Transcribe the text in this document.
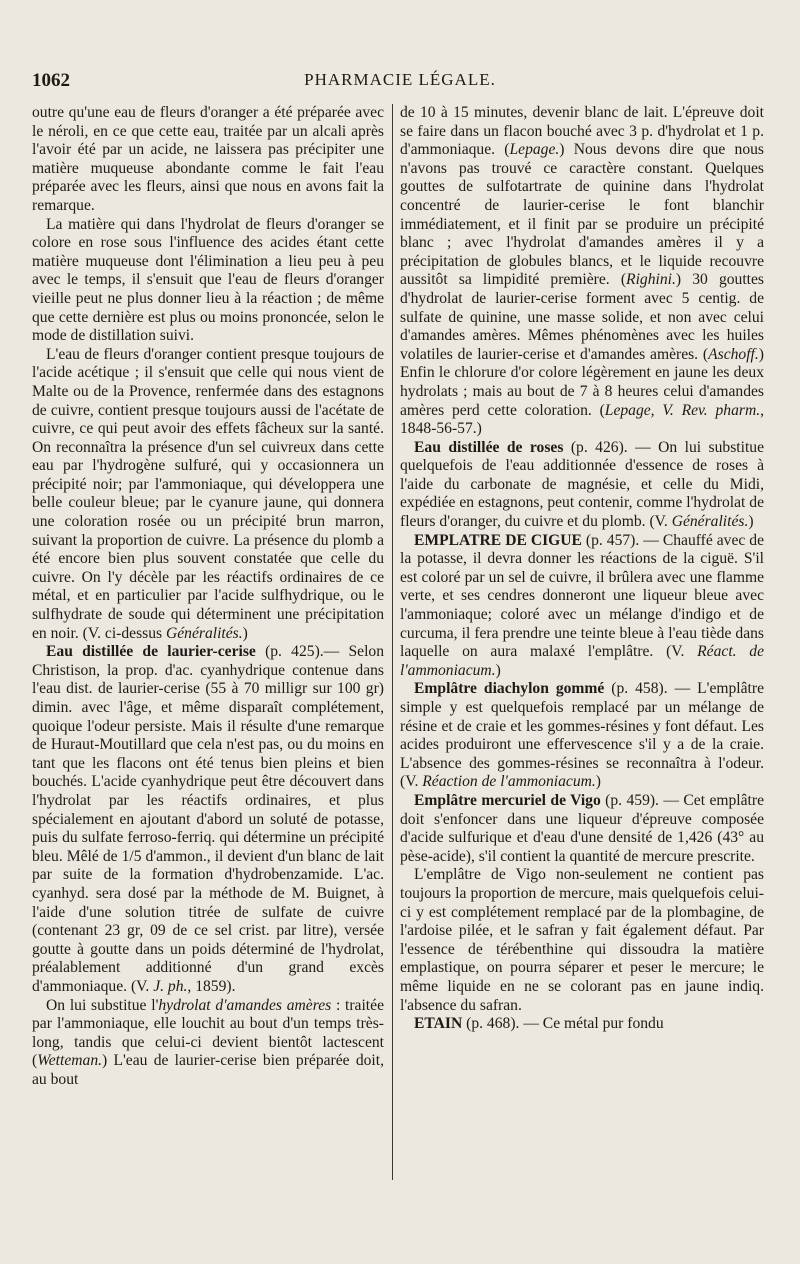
1062	PHARMACIE LÉGALE.

outre qu'une eau de fleurs d'oranger a été préparée avec le néroli, en ce que cette eau, traitée par un alcali après l'avoir été par un acide, ne laissera pas précipiter une matière muqueuse abondante comme le fait l'eau préparée avec les fleurs, ainsi que nous en avons fait la remarque.

La matière qui dans l'hydrolat de fleurs d'oranger se colore en rose sous l'influence des acides étant cette matière muqueuse dont l'élimination a lieu peu à peu avec le temps, il s'ensuit que l'eau de fleurs d'oranger vieille peut ne plus donner lieu à la réaction ; de même que cette dernière est plus ou moins prononcée, selon le mode de distillation suivi.

L'eau de fleurs d'oranger contient presque toujours de l'acide acétique ; il s'ensuit que celle qui nous vient de Malte ou de la Provence, renfermée dans des estagnons de cuivre, contient presque toujours aussi de l'acétate de cuivre, ce qui peut avoir des effets fâcheux sur la santé. On reconnaîtra la présence d'un sel cuivreux dans cette eau par l'hydrogène sulfuré, qui y occasionnera un précipité noir; par l'ammoniaque, qui développera une belle couleur bleue; par le cyanure jaune, qui donnera une coloration rosée ou un précipité brun marron, suivant la proportion de cuivre. La présence du plomb a été encore bien plus souvent constatée que celle du cuivre. On l'y décèle par les réactifs ordinaires de ce métal, et en particulier par l'acide sulfhydrique, ou le sulfhydrate de soude qui déterminent une précipitation en noir. (V. ci-dessus Généralités.)

Eau distillée de laurier-cerise (p. 425).— Selon Christison, la prop. d'ac. cyanhydrique contenue dans l'eau dist. de laurier-cerise (55 à 70 milligr sur 100 gr) dimin. avec l'âge, et même disparaît complétement, quoique l'odeur persiste. Mais il résulte d'une remarque de Huraut-Moutillard que cela n'est pas, ou du moins en tant que les flacons ont été tenus bien pleins et bien bouchés. L'acide cyanhydrique peut être découvert dans l'hydrolat par les réactifs ordinaires, et plus spécialement en ajoutant d'abord un soluté de potasse, puis du sulfate ferroso-ferriq. qui détermine un précipité bleu. Mêlé de 1/5 d'ammon., il devient d'un blanc de lait par suite de la formation d'hydrobenzamide. L'ac. cyanhyd. sera dosé par la méthode de M. Buignet, à l'aide d'une solution titrée de sulfate de cuivre (contenant 23 gr, 09 de ce sel crist. par litre), versée goutte à goutte dans un poids déterminé de l'hydrolat, préalablement additionné d'un grand excès d'ammoniaque. (V. J. ph., 1859).

On lui substitue l'hydrolat d'amandes amères : traitée par l'ammoniaque, elle louchit au bout d'un temps très-long, tandis que celui-ci devient bientôt lactescent (Wetteman.) L'eau de laurier-cerise bien préparée doit, au bout

de 10 à 15 minutes, devenir blanc de lait. L'épreuve doit se faire dans un flacon bouché avec 3 p. d'hydrolat et 1 p. d'ammoniaque. (Lepage.) Nous devons dire que nous n'avons pas trouvé ce caractère constant. Quelques gouttes de sulfotartrate de quinine dans l'hydrolat concentré de laurier-cerise le font blanchir immédiatement, et il finit par se produire un précipité blanc ; avec l'hydrolat d'amandes amères il y a précipitation de globules blancs, et le liquide recouvre aussitôt sa limpidité première. (Righini.) 30 gouttes d'hydrolat de laurier-cerise forment avec 5 centig. de sulfate de quinine, une masse solide, et non avec celui d'amandes amères. Mêmes phénomènes avec les huiles volatiles de laurier-cerise et d'amandes amères. (Aschoff.) Enfin le chlorure d'or colore légèrement en jaune les deux hydrolats ; mais au bout de 7 à 8 heures celui d'amandes amères perd cette coloration. (Lepage, V. Rev. pharm., 1848-56-57.)

Eau distillée de roses (p. 426). — On lui substitue quelquefois de l'eau additionnée d'essence de roses à l'aide du carbonate de magnésie, et celle du Midi, expédiée en estagnons, peut contenir, comme l'hydrolat de fleurs d'oranger, du cuivre et du plomb. (V. Généralités.)

EMPLATRE DE CIGUE (p. 457). — Chauffé avec de la potasse, il devra donner les réactions de la ciguë. S'il est coloré par un sel de cuivre, il brûlera avec une flamme verte, et ses cendres donneront une liqueur bleue avec l'ammoniaque; coloré avec un mélange d'indigo et de curcuma, il fera prendre une teinte bleue à l'eau tiède dans laquelle on aura malaxé l'emplâtre. (V. Réact. de l'ammoniacum.)

Emplâtre diachylon gommé (p. 458). — L'emplâtre simple y est quelquefois remplacé par un mélange de résine et de craie et les gommes-résines y font défaut. Les acides produiront une effervescence s'il y a de la craie. L'absence des gommes-résines se reconnaîtra à l'odeur. (V. Réaction de l'ammoniacum.)

Emplâtre mercuriel de Vigo (p. 459). — Cet emplâtre doit s'enfoncer dans une liqueur d'épreuve composée d'acide sulfurique et d'eau d'une densité de 1,426 (43° au pèse-acide), s'il contient la quantité de mercure prescrite.

L'emplâtre de Vigo non-seulement ne contient pas toujours la proportion de mercure, mais quelquefois celui-ci y est complétement remplacé par de la plombagine, de l'ardoise pilée, et le safran y fait également défaut. Par l'essence de térébenthine qui dissoudra la matière emplastique, on pourra séparer et peser le mercure; le même liquide en ne se colorant pas en jaune indiq. l'absence du safran.

ETAIN (p. 468). — Ce métal pur fondu
